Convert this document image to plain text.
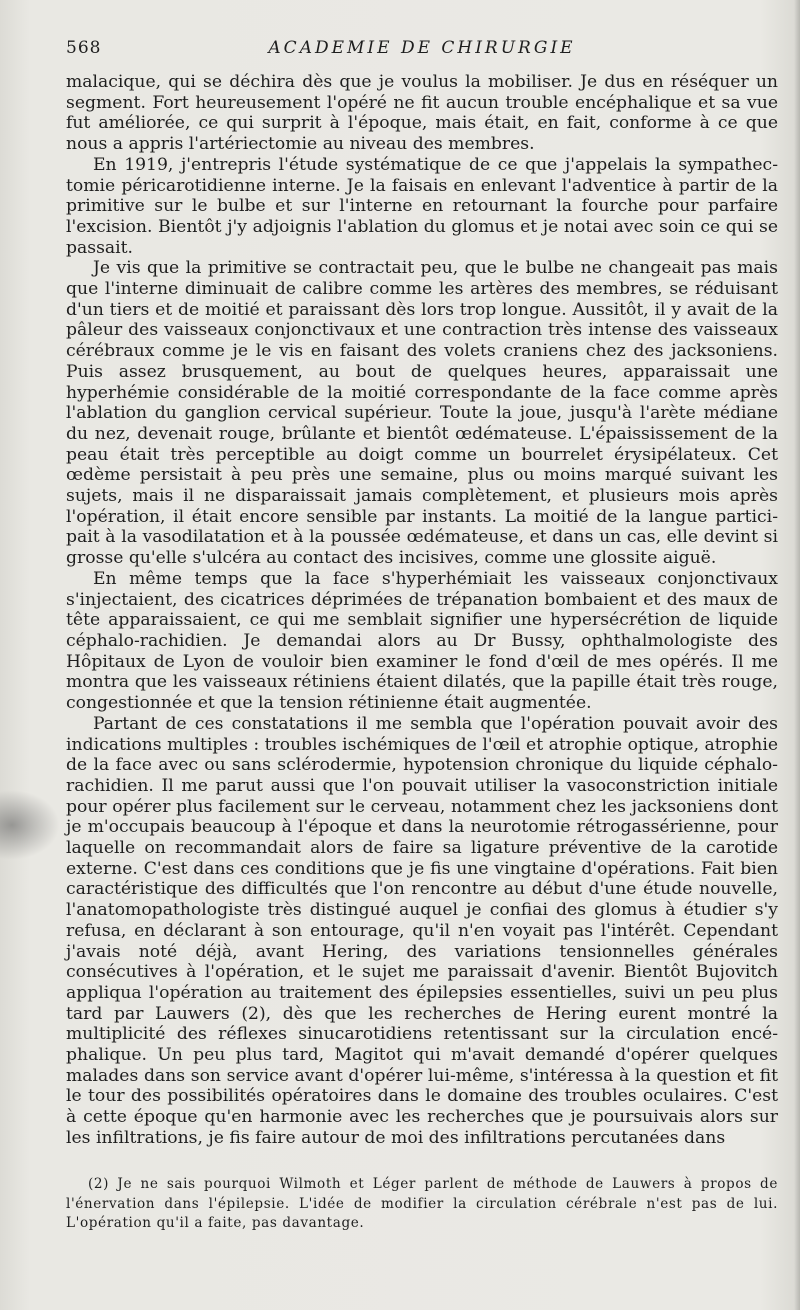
568	ACADEMIE DE CHIRURGIE

malacique, qui se déchira dès que je voulus la mobiliser. Je dus en réséquer un segment. Fort heureusement l'opéré ne fit aucun trouble encéphalique et sa vue fut améliorée, ce qui surprit à l'époque, mais était, en fait, conforme à ce que nous a appris l'artériectomie au niveau des membres.

En 1919, j'entrepris l'étude systématique de ce que j'appelais la sympathectomie péricarotidienne interne. Je la faisais en enlevant l'adventice à partir de la primitive sur le bulbe et sur l'interne en retournant la fourche pour parfaire l'excision. Bientôt j'y adjoignis l'ablation du glomus et je notai avec soin ce qui se passait.

Je vis que la primitive se contractait peu, que le bulbe ne changeait pas mais que l'interne diminuait de calibre comme les artères des membres, se réduisant d'un tiers et de moitié et paraissant dès lors trop longue. Aussitôt, il y avait de la pâleur des vaisseaux conjonctivaux et une contraction très intense des vaisseaux cérébraux comme je le vis en faisant des volets craniens chez des jacksoniens. Puis assez brusquement, au bout de quelques heures, apparaissait une hyperhémie considérable de la moitié correspondante de la face comme après l'ablation du ganglion cervical supérieur. Toute la joue, jusqu'à l'arète médiane du nez, devenait rouge, brûlante et bientôt œdémateuse. L'épaississement de la peau était très perceptible au doigt comme un bourrelet érysipélateux. Cet œdème persistait à peu près une semaine, plus ou moins marqué suivant les sujets, mais il ne disparaissait jamais complètement, et plusieurs mois après l'opération, il était encore sensible par instants. La moitié de la langue participait à la vasodilatation et à la poussée œdémateuse, et dans un cas, elle devint si grosse qu'elle s'ulcéra au contact des incisives, comme une glossite aiguë.

En même temps que la face s'hyperhémiait les vaisseaux conjonctivaux s'injectaient, des cicatrices déprimées de trépanation bombaient et des maux de tête apparaissaient, ce qui me semblait signifier une hypersécrétion de liquide céphalo-rachidien. Je demandai alors au Dr Bussy, ophthalmologiste des Hôpitaux de Lyon de vouloir bien examiner le fond d'œil de mes opérés. Il me montra que les vaisseaux rétiniens étaient dilatés, que la papille était très rouge, congestionnée et que la tension rétinienne était augmentée.

Partant de ces constatations il me sembla que l'opération pouvait avoir des indications multiples : troubles ischémiques de l'œil et atrophie optique, atrophie de la face avec ou sans sclérodermie, hypotension chronique du liquide céphalo-rachidien. Il me parut aussi que l'on pouvait utiliser la vasoconstriction initiale pour opérer plus facilement sur le cerveau, notamment chez les jacksoniens dont je m'occupais beaucoup à l'époque et dans la neurotomie rétrogassérienne, pour laquelle on recommandait alors de faire sa ligature préventive de la carotide externe. C'est dans ces conditions que je fis une vingtaine d'opérations. Fait bien caractéristique des difficultés que l'on rencontre au début d'une étude nouvelle, l'anatomopathologiste très distingué auquel je confiai des glomus à étudier s'y refusa, en déclarant à son entourage, qu'il n'en voyait pas l'intérêt. Cependant j'avais noté déjà, avant Hering, des variations tensionnelles générales consécutives à l'opération, et le sujet me paraissait d'avenir. Bientôt Bujovitch appliqua l'opération au traitement des épilepsies essentielles, suivi un peu plus tard par Lauwers (2), dès que les recherches de Hering eurent montré la multiplicité des réflexes sinucarotidiens retentissant sur la circulation encéphalique. Un peu plus tard, Magitot qui m'avait demandé d'opérer quelques malades dans son service avant d'opérer lui-même, s'intéressa à la question et fit le tour des possibilités opératoires dans le domaine des troubles oculaires. C'est à cette époque qu'en harmonie avec les recherches que je poursuivais alors sur les infiltrations, je fis faire autour de moi des infiltrations percutanées dans

(2) Je ne sais pourquoi Wilmoth et Léger parlent de méthode de Lauwers à propos de l'énervation dans l'épilepsie. L'idée de modifier la circulation cérébrale n'est pas de lui. L'opération qu'il a faite, pas davantage.
